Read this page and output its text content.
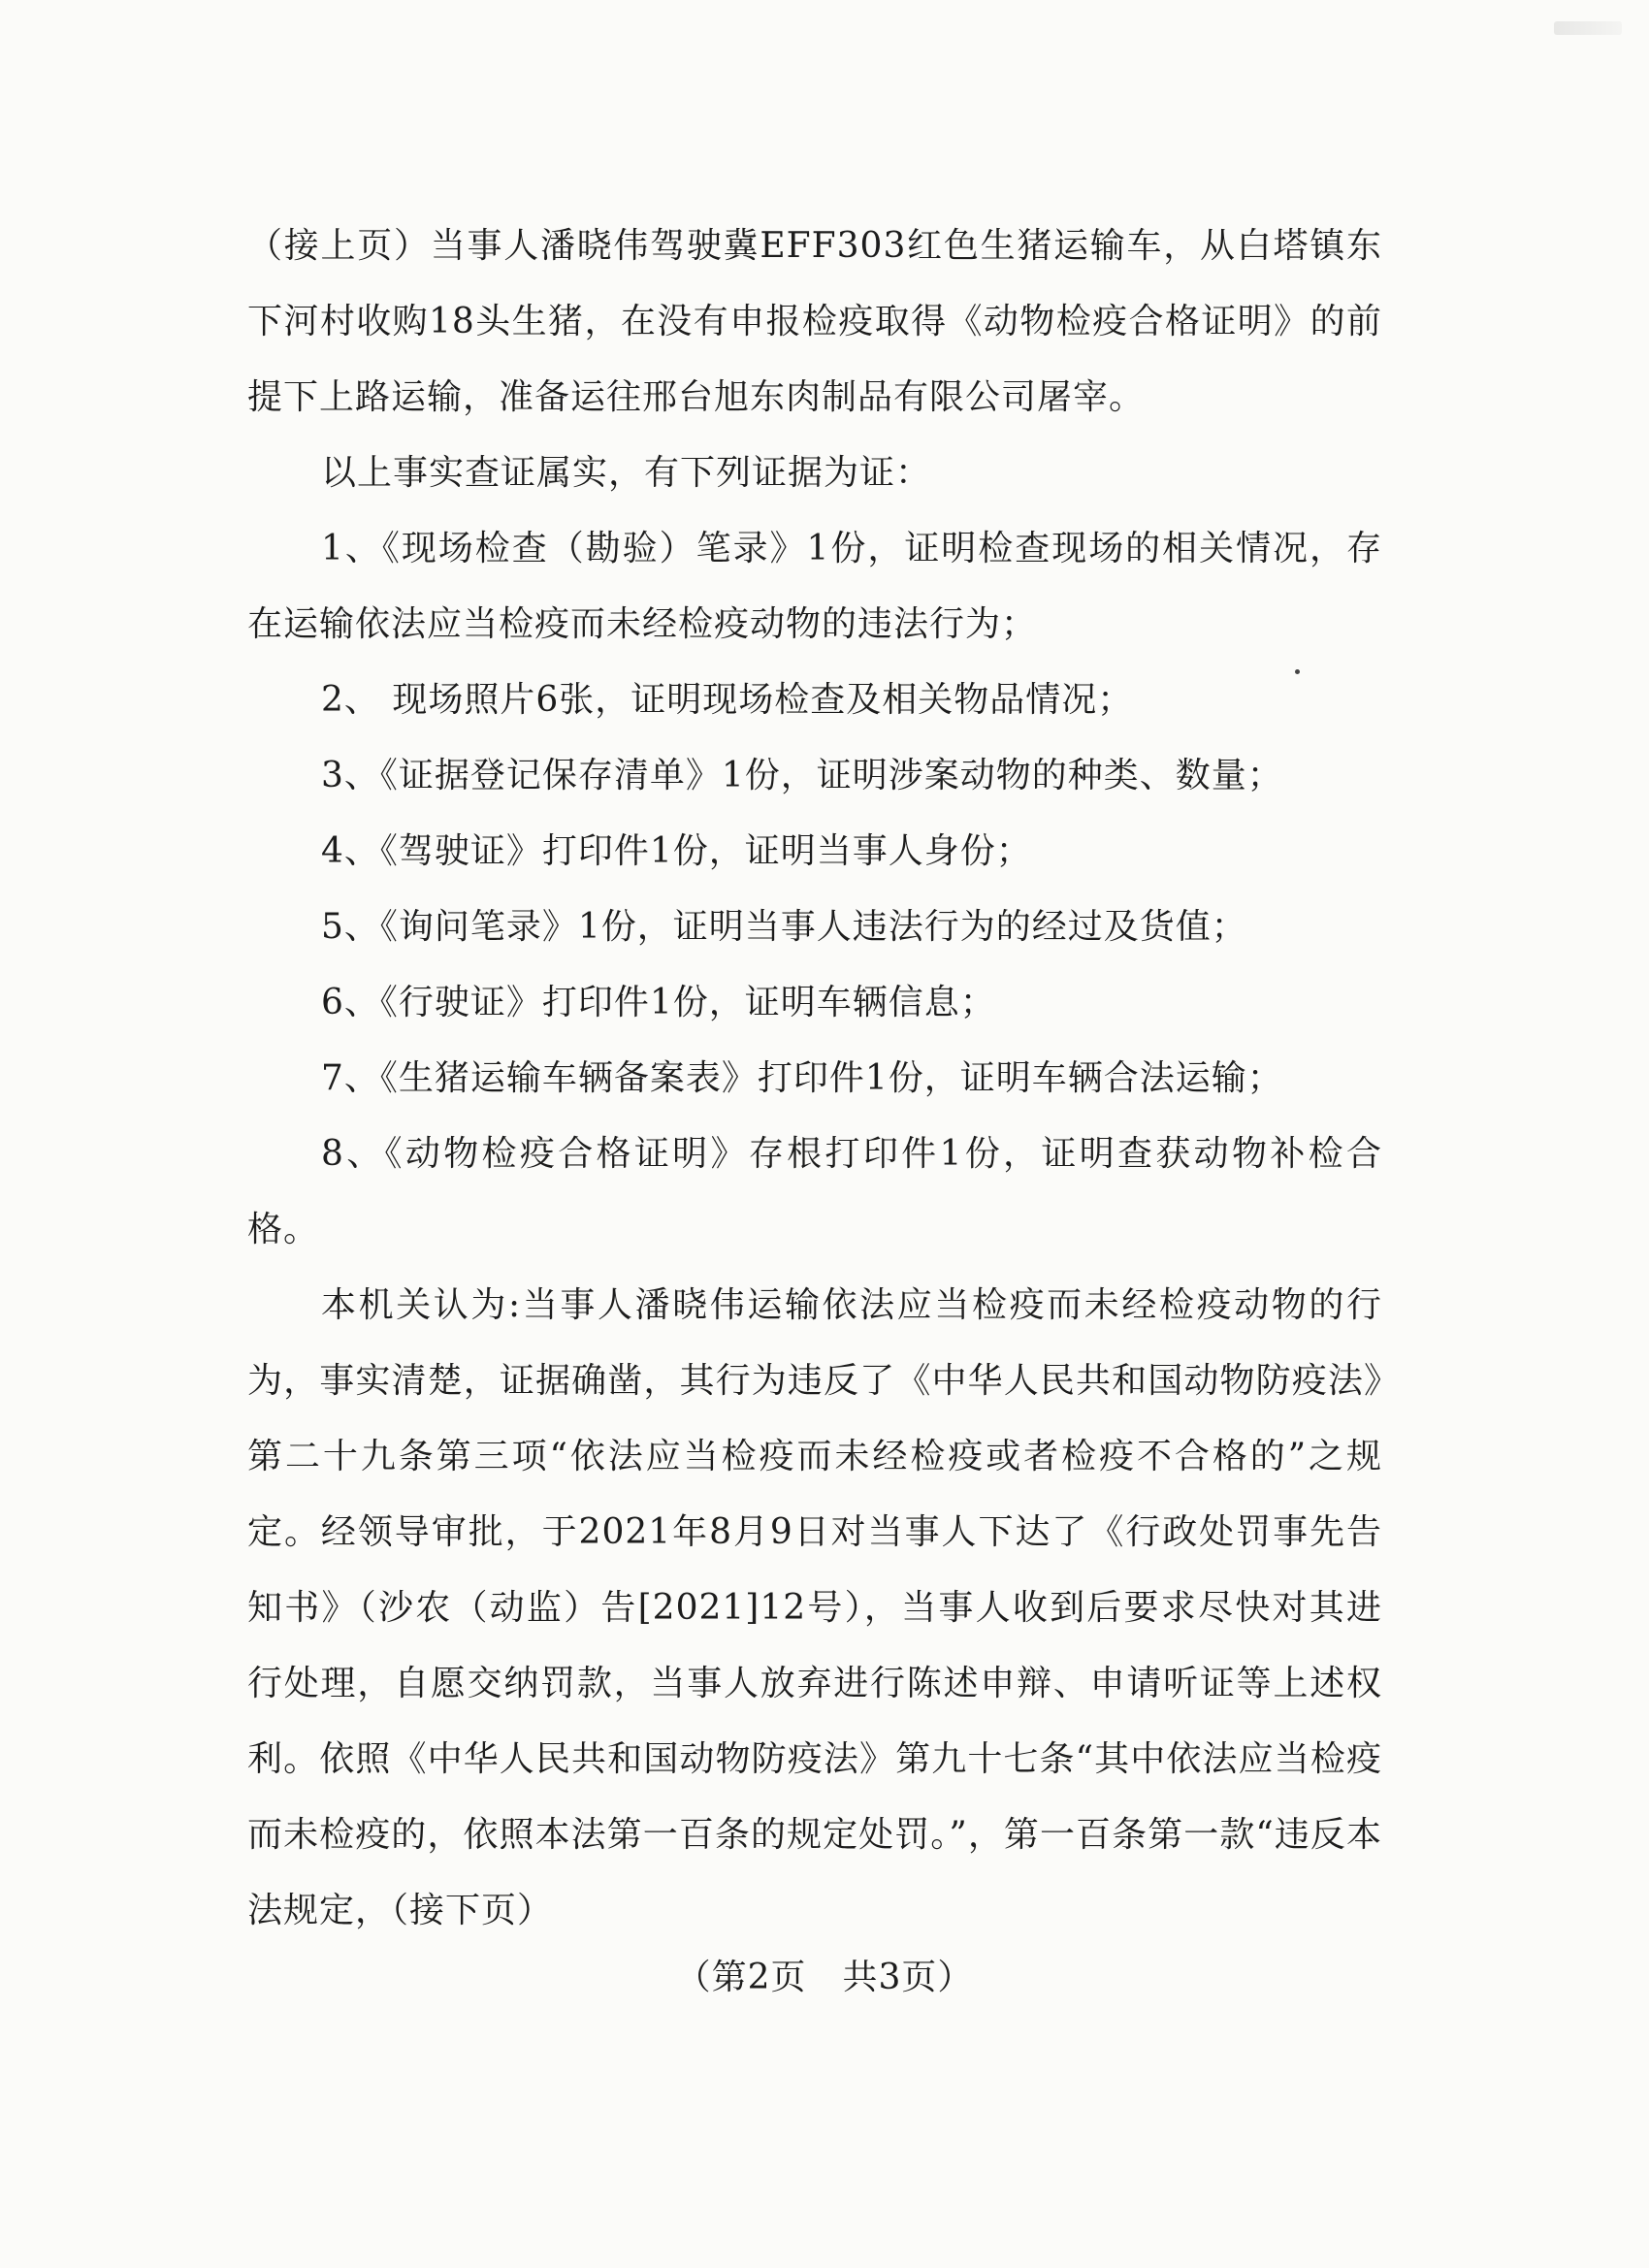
（接上页）当事人潘晓伟驾驶冀EFF303红色生猪运输车，从白塔镇东下河村收购18头生猪，在没有申报检疫取得《动物检疫合格证明》的前提下上路运输，准备运往邢台旭东肉制品有限公司屠宰。

以上事实查证属实，有下列证据为证：

1、《现场检查（勘验）笔录》1份，证明检查现场的相关情况，存在运输依法应当检疫而未经检疫动物的违法行为；

2、 现场照片6张，证明现场检查及相关物品情况；

3、《证据登记保存清单》1份，证明涉案动物的种类、数量；

4、《驾驶证》打印件1份，证明当事人身份；

5、《询问笔录》1份，证明当事人违法行为的经过及货值；

6、《行驶证》打印件1份，证明车辆信息；

7、《生猪运输车辆备案表》打印件1份，证明车辆合法运输；

8、《动物检疫合格证明》存根打印件1份，证明查获动物补检合格。

本机关认为:当事人潘晓伟运输依法应当检疫而未经检疫动物的行为，事实清楚，证据确凿，其行为违反了《中华人民共和国动物防疫法》第二十九条第三项“依法应当检疫而未经检疫或者检疫不合格的”之规定。经领导审批，于2021年8月9日对当事人下达了《行政处罚事先告知书》（沙农（动监）告[2021]12号），当事人收到后要求尽快对其进行处理，自愿交纳罚款，当事人放弃进行陈述申辩、申请听证等上述权利。依照《中华人民共和国动物防疫法》第九十七条“其中依法应当检疫而未检疫的，依照本法第一百条的规定处罚。”，第一百条第一款“违反本法规定，（接下页）

（第2页　共3页）
